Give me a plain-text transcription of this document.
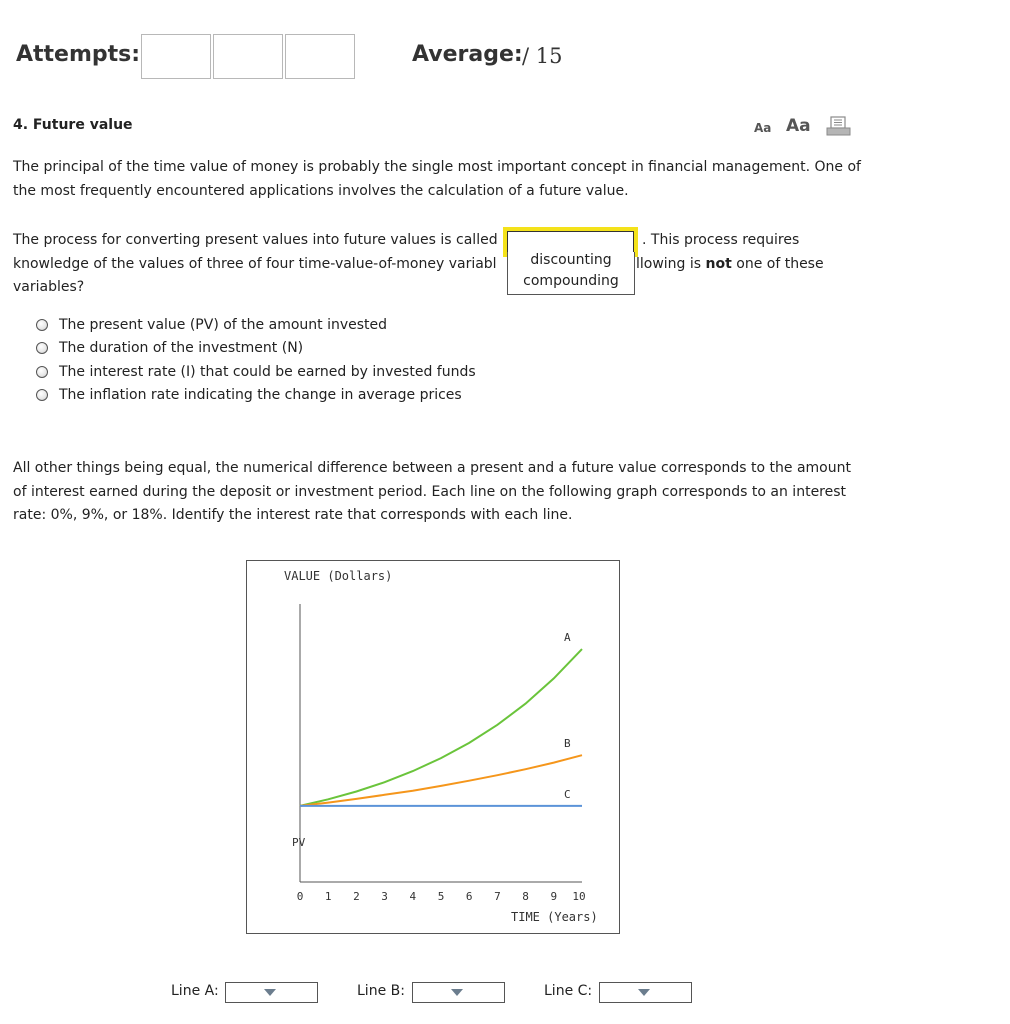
Attempts:	Average: / 15
4. Future value	Aa Aa
The principal of the time value of money is probably the single most important concept in financial management. One of the most frequently encountered applications involves the calculation of a future value.
The process for converting present values into future values is called	. This process requires
knowledge of the values of three of four time-value-of-money variabl	llowing is not one of these
variables?
discounting
compounding
The present value (PV) of the amount invested
The duration of the investment (N)
The interest rate (I) that could be earned by invested funds
The inflation rate indicating the change in average prices
All other things being equal, the numerical difference between a present and a future value corresponds to the amount of interest earned during the deposit or investment period. Each line on the following graph corresponds to an interest rate: 0%, 9%, or 18%. Identify the interest rate that corresponds with each line.
VALUE (Dollars)
A
B
C
0 1 2 3 4 5 6 7 8 9 10
PV
TIME (Years)
Line A:	Line B:	Line C:
